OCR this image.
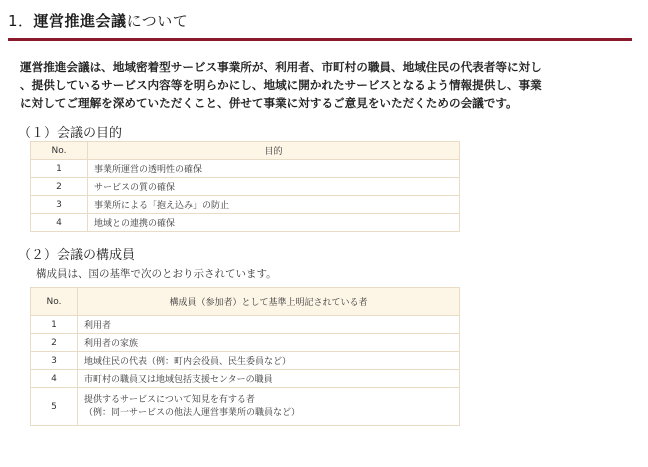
1．運営推進会議について
運営推進会議は、地域密着型サービス事業所が、利用者、市町村の職員、地域住民の代表者等に対し
、提供しているサービス内容等を明らかにし、地域に開かれたサービスとなるよう情報提供し、事業
に対してご理解を深めていただくこと、併せて事業に対するご意見をいただくための会議です。
（１）会議の目的
No.	目的
1	事業所運営の透明性の確保
2	サービスの質の確保
3	事業所による「抱え込み」の防止
4	地域との連携の確保
（２）会議の構成員
構成員は、国の基準で次のとおり示されています。
No.	構成員（参加者）として基準上明記されている者
1	利用者
2	利用者の家族
3	地域住民の代表（例：町内会役員、民生委員など）
4	市町村の職員又は地域包括支援センターの職員
5	提供するサービスについて知見を有する者
（例：同一サービスの他法人運営事業所の職員など）
